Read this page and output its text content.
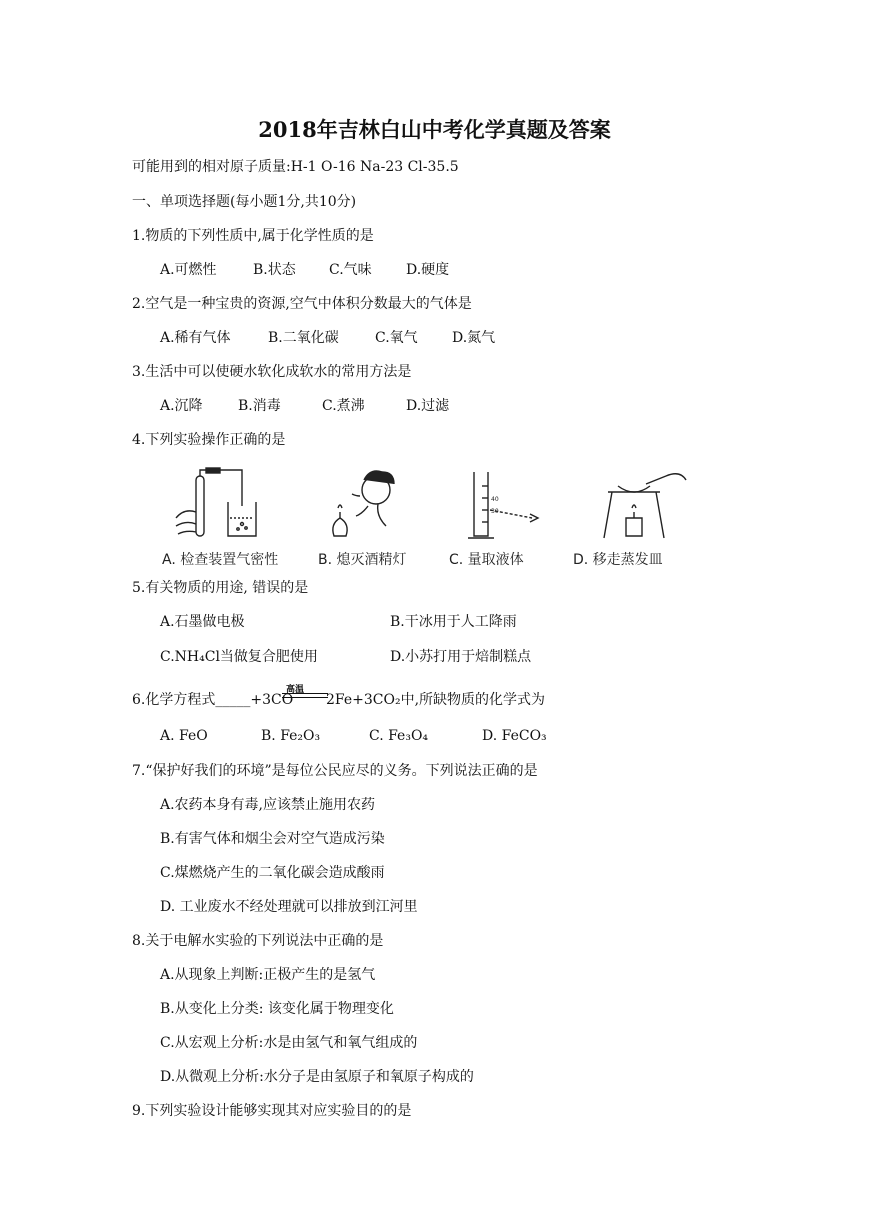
2018年吉林白山中考化学真题及答案
可能用到的相对原子质量:H-1 O-16 Na-23 Cl-35.5
一、单项选择题(每小题1分,共10分)
1.物质的下列性质中,属于化学性质的是
A.可燃性	B.状态 C.气味 D.硬度
2.空气是一种宝贵的资源,空气中体积分数最大的气体是
A.稀有气体	B.二氧化碳	C.氧气 D.氮气
3.生活中可以使硬水软化成软水的常用方法是
A.沉降	B.消毒	C.煮沸	D.过滤
4.下列实验操作正确的是
40
30
A. 检查装置气密性	B. 熄灭酒精灯	C. 量取液体	D. 移走蒸发皿
5.有关物质的用途, 错误的是
A.石墨做电极	B.干冰用于人工降雨
C.NH₄Cl当做复合肥使用	D.小苏打用于焙制糕点
6.化学方程式_____+3CO
高温
2Fe+3CO₂中,所缺物质的化学式为
A. FeO	B. Fe₂O₃	C. Fe₃O₄	D. FeCO₃
7.“保护好我们的环境”是每位公民应尽的义务。下列说法正确的是
A.农药本身有毒,应该禁止施用农药
B.有害气体和烟尘会对空气造成污染
C.煤燃烧产生的二氧化碳会造成酸雨
D. 工业废水不经处理就可以排放到江河里
8.关于电解水实验的下列说法中正确的是
A.从现象上判断:正极产生的是氢气
B.从变化上分类: 该变化属于物理变化
C.从宏观上分析:水是由氢气和氧气组成的
D.从微观上分析:水分子是由氢原子和氧原子构成的
9.下列实验设计能够实现其对应实验目的的是
